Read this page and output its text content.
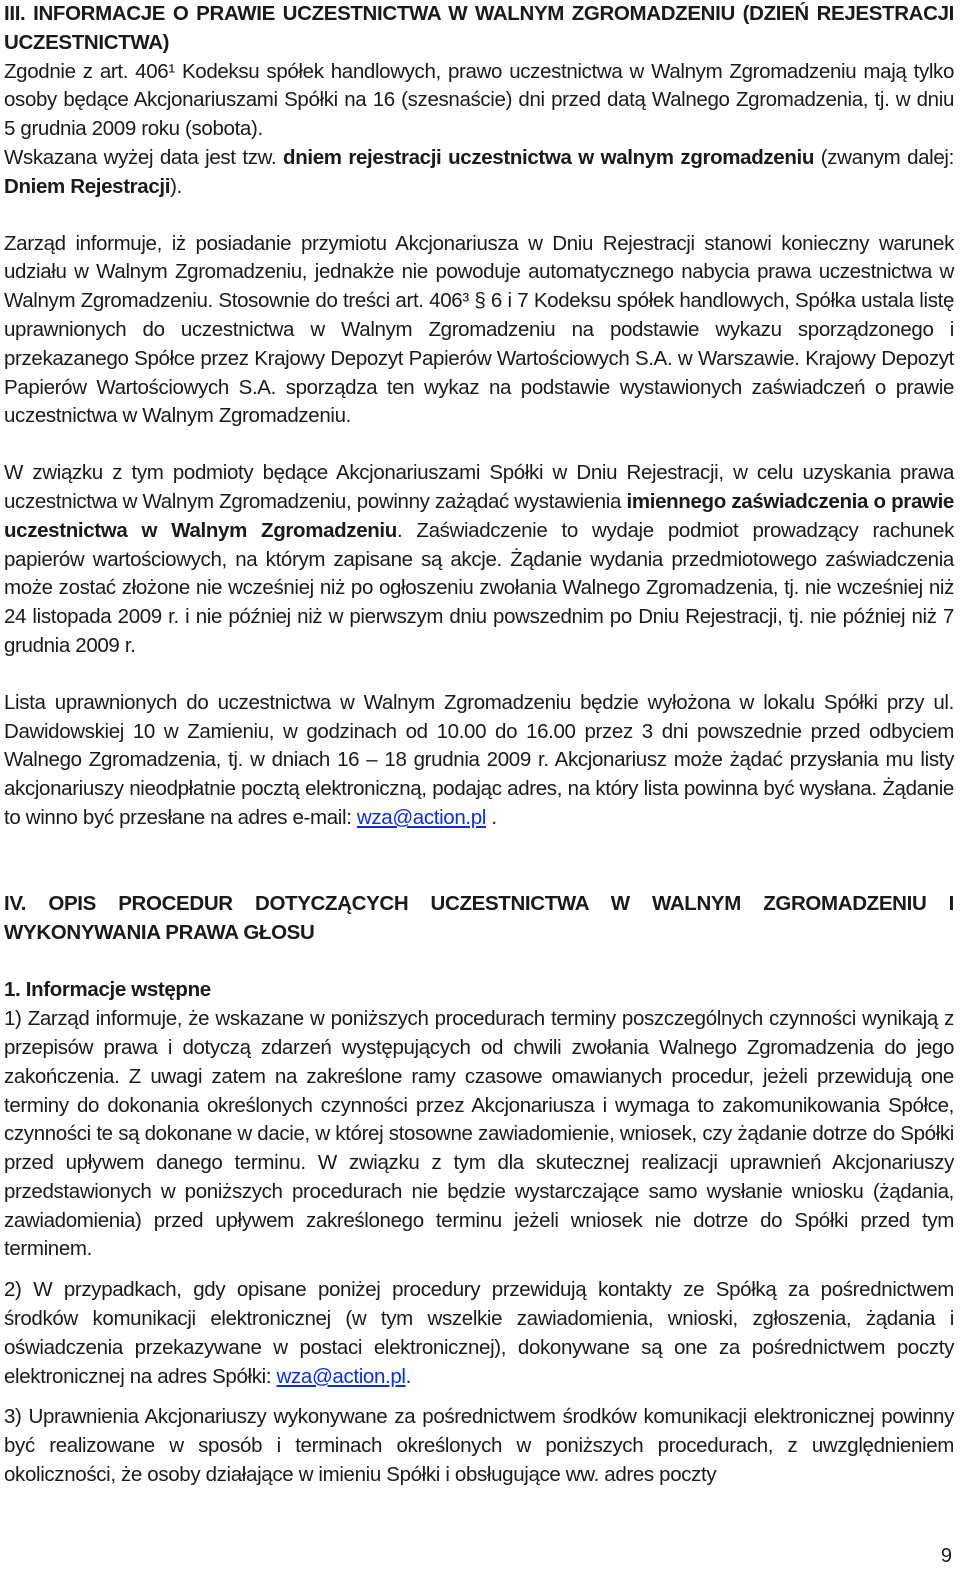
III. INFORMACJE O PRAWIE UCZESTNICTWA W WALNYM ZGROMADZENIU (DZIEŃ REJESTRACJI UCZESTNICTWA)

Zgodnie z art. 406¹ Kodeksu spółek handlowych, prawo uczestnictwa w Walnym Zgromadzeniu mają tylko osoby będące Akcjonariuszami Spółki na 16 (szesnaście) dni przed datą Walnego Zgromadzenia, tj. w dniu 5 grudnia 2009 roku (sobota).
Wskazana wyżej data jest tzw. dniem rejestracji uczestnictwa w walnym zgromadzeniu (zwanym dalej: Dniem Rejestracji).

Zarząd informuje, iż posiadanie przymiotu Akcjonariusza w Dniu Rejestracji stanowi konieczny warunek udziału w Walnym Zgromadzeniu, jednakże nie powoduje automatycznego nabycia prawa uczestnictwa w Walnym Zgromadzeniu. Stosownie do treści art. 406³ § 6 i 7 Kodeksu spółek handlowych, Spółka ustala listę uprawnionych do uczestnictwa w Walnym Zgromadzeniu na podstawie wykazu sporządzonego i przekazanego Spółce przez Krajowy Depozyt Papierów Wartościowych S.A. w Warszawie. Krajowy Depozyt Papierów Wartościowych S.A. sporządza ten wykaz na podstawie wystawionych zaświadczeń o prawie uczestnictwa w Walnym Zgromadzeniu.

W związku z tym podmioty będące Akcjonariuszami Spółki w Dniu Rejestracji, w celu uzyskania prawa uczestnictwa w Walnym Zgromadzeniu, powinny zażądać wystawienia imiennego zaświadczenia o prawie uczestnictwa w Walnym Zgromadzeniu. Zaświadczenie to wydaje podmiot prowadzący rachunek papierów wartościowych, na którym zapisane są akcje. Żądanie wydania przedmiotowego zaświadczenia może zostać złożone nie wcześniej niż po ogłoszeniu zwołania Walnego Zgromadzenia, tj. nie wcześniej niż 24 listopada 2009 r. i nie później niż w pierwszym dniu powszednim po Dniu Rejestracji, tj. nie później niż 7 grudnia 2009 r.

Lista uprawnionych do uczestnictwa w Walnym Zgromadzeniu będzie wyłożona w lokalu Spółki przy ul. Dawidowskiej 10 w Zamieniu, w godzinach od 10.00 do 16.00 przez 3 dni powszednie przed odbyciem Walnego Zgromadzenia, tj. w dniach 16 – 18 grudnia 2009 r. Akcjonariusz może żądać przysłania mu listy akcjonariuszy nieodpłatnie pocztą elektroniczną, podając adres, na który lista powinna być wysłana. Żądanie to winno być przesłane na adres e-mail: wza@action.pl .

IV. OPIS PROCEDUR DOTYCZĄCYCH UCZESTNICTWA W WALNYM ZGROMADZENIU I WYKONYWANIA PRAWA GŁOSU

1. Informacje wstępne

1) Zarząd informuje, że wskazane w poniższych procedurach terminy poszczególnych czynności wynikają z przepisów prawa i dotyczą zdarzeń występujących od chwili zwołania Walnego Zgromadzenia do jego zakończenia. Z uwagi zatem na zakreślone ramy czasowe omawianych procedur, jeżeli przewidują one terminy do dokonania określonych czynności przez Akcjonariusza i wymaga to zakomunikowania Spółce, czynności te są dokonane w dacie, w której stosowne zawiadomienie, wniosek, czy żądanie dotrze do Spółki przed upływem danego terminu. W związku z tym dla skutecznej realizacji uprawnień Akcjonariuszy przedstawionych w poniższych procedurach nie będzie wystarczające samo wysłanie wniosku (żądania, zawiadomienia) przed upływem zakreślonego terminu jeżeli wniosek nie dotrze do Spółki przed tym terminem.

2) W przypadkach, gdy opisane poniżej procedury przewidują kontakty ze Spółką za pośrednictwem środków komunikacji elektronicznej (w tym wszelkie zawiadomienia, wnioski, zgłoszenia, żądania i oświadczenia przekazywane w postaci elektronicznej), dokonywane są one za pośrednictwem poczty elektronicznej na adres Spółki: wza@action.pl.

3) Uprawnienia Akcjonariuszy wykonywane za pośrednictwem środków komunikacji elektronicznej powinny być realizowane w sposób i terminach określonych w poniższych procedurach, z uwzględnieniem okoliczności, że osoby działające w imieniu Spółki i obsługujące ww. adres poczty

9
